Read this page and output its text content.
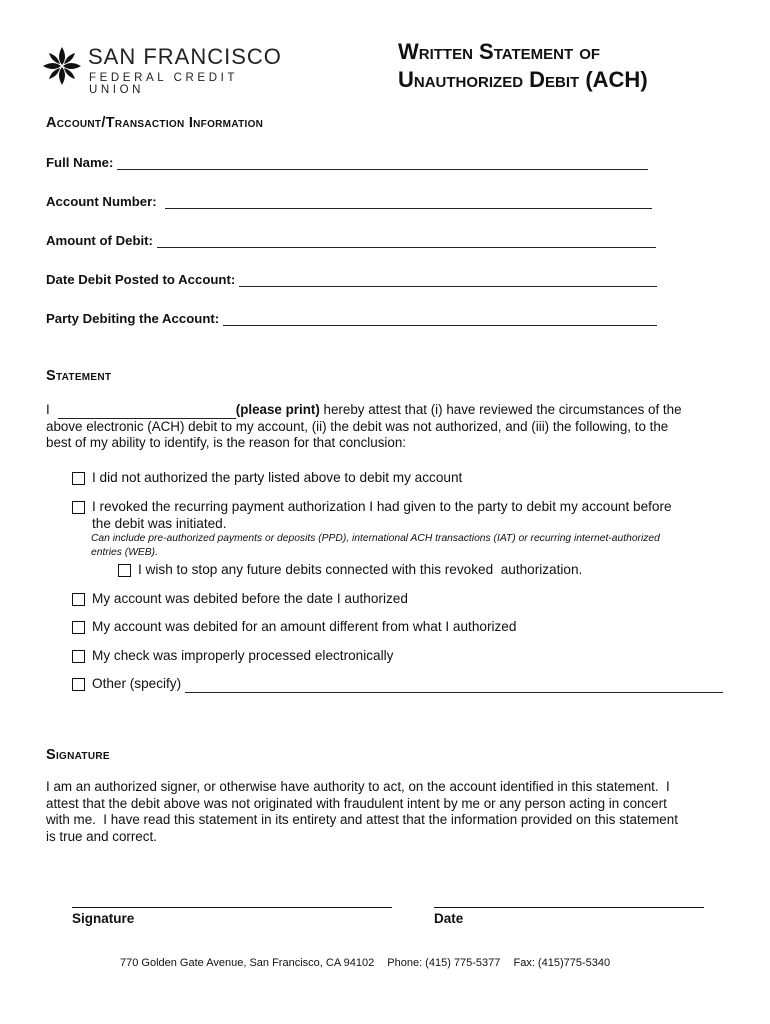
SAN FRANCISCO
FEDERAL CREDIT UNION
Written Statement of
Unauthorized Debit (ACH)
Account/Transaction Information
Full Name:
Account Number:
Amount of Debit:
Date Debit Posted to Account:
Party Debiting the Account:
Statement
I	(please print) hereby attest that (i) have reviewed the circumstances of the
above electronic (ACH) debit to my account, (ii) the debit was not authorized, and (iii) the following, to the
best of my ability to identify, is the reason for that conclusion:
I did not authorized the party listed above to debit my account
I revoked the recurring payment authorization I had given to the party to debit my account before
the debit was initiated.
Can include pre-authorized payments or deposits (PPD), international ACH transactions (IAT) or recurring internet-authorized
entries (WEB).
I wish to stop any future debits connected with this revoked  authorization.
My account was debited before the date I authorized
My account was debited for an amount different from what I authorized
My check was improperly processed electronically
Other (specify)
Signature
I am an authorized signer, or otherwise have authority to act, on the account identified in this statement.  I
attest that the debit above was not originated with fraudulent intent by me or any person acting in concert
with me.  I have read this statement in its entirety and attest that the information provided on this statement
is true and correct.
Signature	Date
770 Golden Gate Avenue, San Francisco, CA 94102 Phone: (415) 775-5377 Fax: (415)775-5340
